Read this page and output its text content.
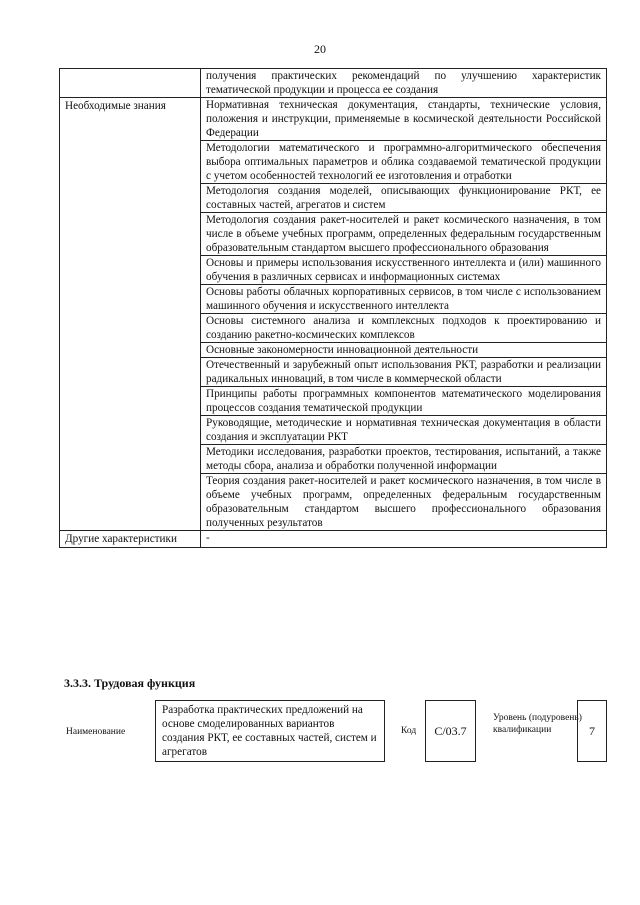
20
	получения практических рекомендаций по улучшению характеристик тематической продукции и процесса ее создания
Необходимые знания	Нормативная техническая документация, стандарты, технические условия, положения и инструкции, применяемые в космической деятельности Российской Федерации
	Методологии математического и программно-алгоритмического обеспечения выбора оптимальных параметров и облика создаваемой тематической продукции с учетом особенностей технологий ее изготовления и отработки
	Методология создания моделей, описывающих функционирование РКТ, ее составных частей, агрегатов и систем
	Методология создания ракет-носителей и ракет космического назначения, в том числе в объеме учебных программ, определенных федеральным государственным образовательным стандартом высшего профессионального образования
	Основы и примеры использования искусственного интеллекта и (или) машинного обучения в различных сервисах и информационных системах
	Основы работы облачных корпоративных сервисов, в том числе с использованием машинного обучения и искусственного интеллекта
	Основы системного анализа и комплексных подходов к проектированию и созданию ракетно-космических комплексов
	Основные закономерности инновационной деятельности
	Отечественный и зарубежный опыт использования РКТ, разработки и реализации радикальных инноваций, в том числе в коммерческой области
	Принципы работы программных компонентов математического моделирования процессов создания тематической продукции
	Руководящие, методические и нормативная техническая документация в области создания и эксплуатации РКТ
	Методики исследования, разработки проектов, тестирования, испытаний, а также методы сбора, анализа и обработки полученной информации
	Теория создания ракет-носителей и ракет космического назначения, в том числе в объеме учебных программ, определенных федеральным государственным образовательным стандартом высшего профессионального образования полученных результатов
Другие характеристики	-
3.3.3. Трудовая функция
Наименование
Разработка практических предложений на основе смоделированных вариантов создания РКТ, ее составных частей, систем и агрегатов
Код	C/03.7
Уровень (подуровень) квалификации	7
